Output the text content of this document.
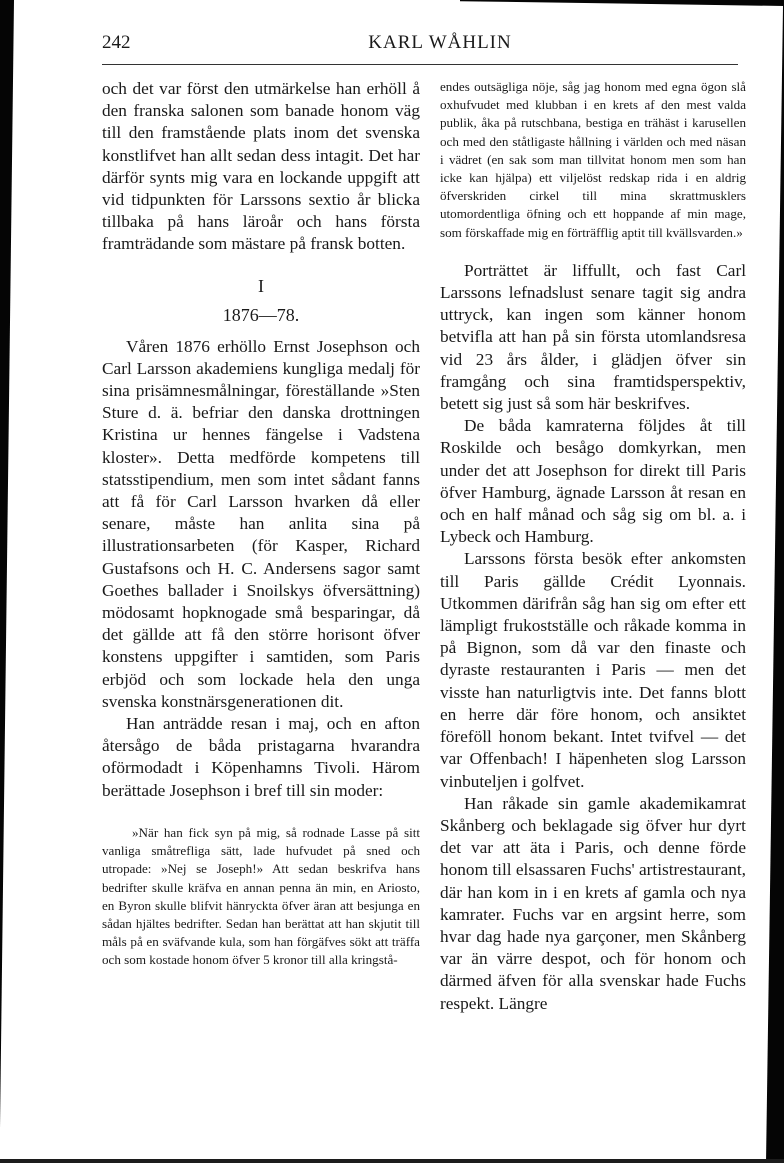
242	KARL WÅHLIN

och det var först den utmärkelse han erhöll å den franska salonen som banade honom väg till den framstående plats inom det svenska konstlifvet han allt sedan dess intagit. Det har därför synts mig vara en lockande uppgift att vid tidpunkten för Larssons sextio år blicka tillbaka på hans läroår och hans första framträdande som mästare på fransk botten.

I

1876—78.

Våren 1876 erhöllo Ernst Josephson och Carl Larsson akademiens kungliga medalj för sina prisämnesmålningar, föreställande »Sten Sture d. ä. befriar den danska drottningen Kristina ur hennes fängelse i Vadstena kloster». Detta medförde kompetens till statsstipendium, men som intet sådant fanns att få för Carl Larsson hvarken då eller senare, måste han anlita sina på illustrationsarbeten (för Kasper, Richard Gustafsons och H. C. Andersens sagor samt Goethes ballader i Snoilskys öfversättning) mödosamt hopknogade små besparingar, då det gällde att få den större horisont öfver konstens uppgifter i samtiden, som Paris erbjöd och som lockade hela den unga svenska konstnärsgenerationen dit.

Han anträdde resan i maj, och en afton återsågo de båda pristagarna hvarandra oförmodadt i Köpenhamns Tivoli. Härom berättade Josephson i bref till sin moder:

»När han fick syn på mig, så rodnade Lasse på sitt vanliga småtrefliga sätt, lade hufvudet på sned och utropade: »Nej se Joseph!» Att sedan beskrifva hans bedrifter skulle kräfva en annan penna än min, en Ariosto, en Byron skulle blifvit hänryckta öfver äran att besjunga en sådan hjältes bedrifter. Sedan han berättat att han skjutit till måls på en sväfvande kula, som han förgäfves sökt att träffa och som kostade honom öfver 5 kronor till alla kringstå-

endes outsägliga nöje, såg jag honom med egna ögon slå oxhufvudet med klubban i en krets af den mest valda publik, åka på rutschbana, bestiga en trähäst i karusellen och med den ståtligaste hållning i världen och med näsan i vädret (en sak som man tillvitat honom men som han icke kan hjälpa) ett viljelöst redskap rida i en aldrig öfverskriden cirkel till mina skrattmusklers utomordentliga öfning och ett hoppande af min mage, som förskaffade mig en förträfflig aptit till kvällsvarden.»

Porträttet är liffullt, och fast Carl Larssons lefnadslust senare tagit sig andra uttryck, kan ingen som känner honom betvifla att han på sin första utomlandsresa vid 23 års ålder, i glädjen öfver sin framgång och sina framtidsperspektiv, betett sig just så som här beskrifves.

De båda kamraterna följdes åt till Roskilde och besågo domkyrkan, men under det att Josephson for direkt till Paris öfver Hamburg, ägnade Larsson åt resan en och en half månad och såg sig om bl. a. i Lybeck och Hamburg.

Larssons första besök efter ankomsten till Paris gällde Crédit Lyonnais. Utkommen därifrån såg han sig om efter ett lämpligt frukostställe och råkade komma in på Bignon, som då var den finaste och dyraste restauranten i Paris — men det visste han naturligtvis inte. Det fanns blott en herre där före honom, och ansiktet föreföll honom bekant. Intet tvifvel — det var Offenbach! I häpenheten slog Larsson vinbuteljen i golfvet.

Han råkade sin gamle akademikamrat Skånberg och beklagade sig öfver hur dyrt det var att äta i Paris, och denne förde honom till elsassaren Fuchs' artistrestaurant, där han kom in i en krets af gamla och nya kamrater. Fuchs var en argsint herre, som hvar dag hade nya garçoner, men Skånberg var än värre despot, och för honom och därmed äfven för alla svenskar hade Fuchs respekt. Längre
